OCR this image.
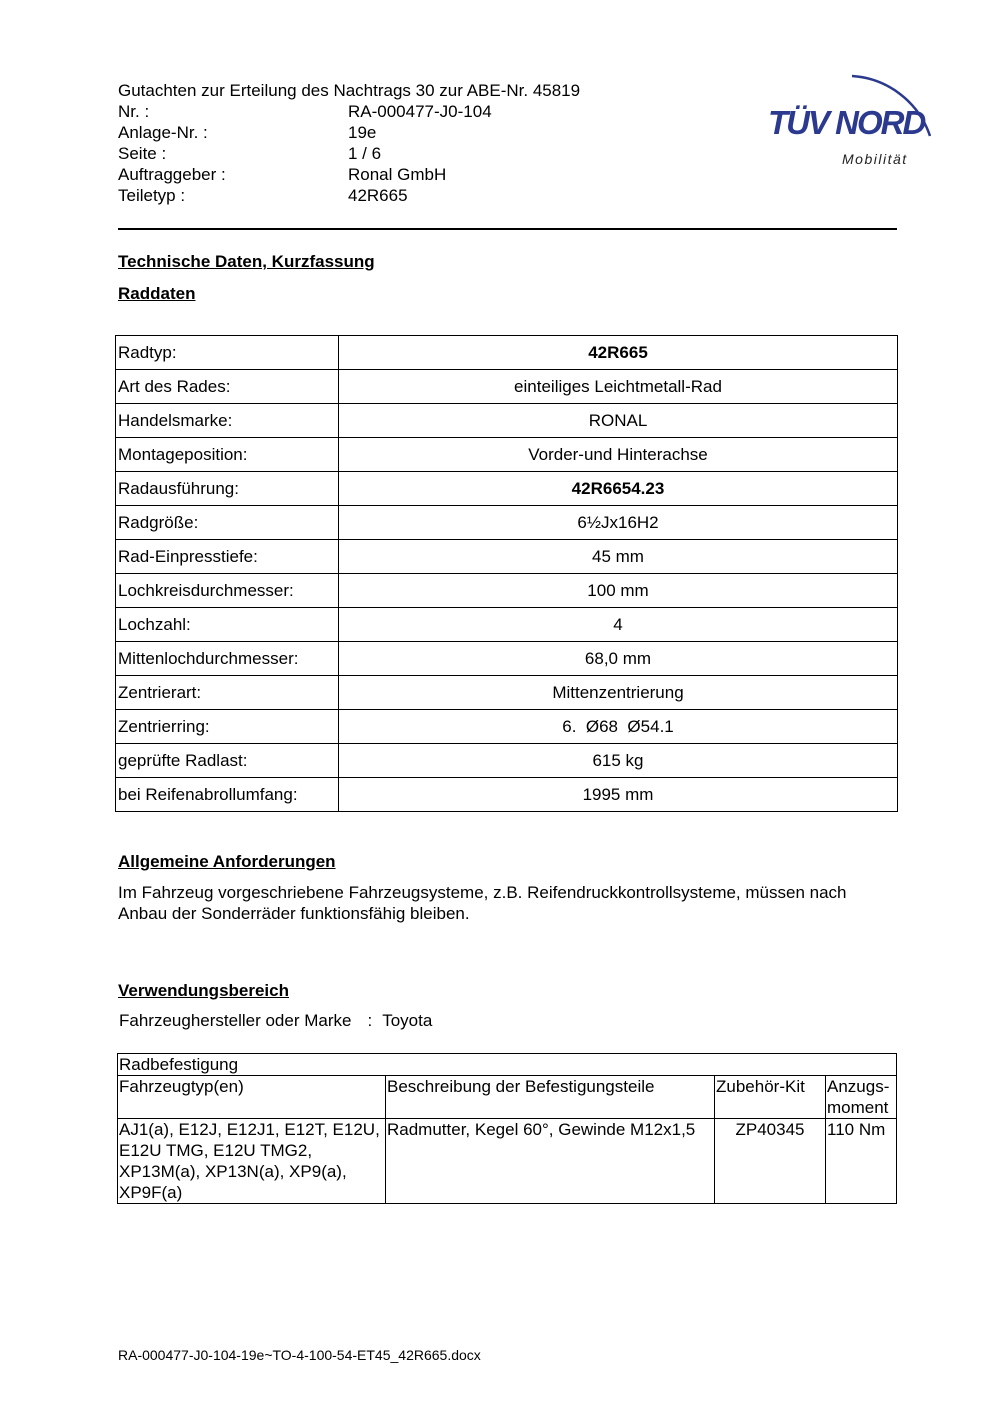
Gutachten zur Erteilung des Nachtrags 30 zur ABE-Nr. 45819
Nr. :	RA-000477-J0-104
Anlage-Nr. :	19e
Seite :	1 / 6
Auftraggeber :	Ronal GmbH
Teiletyp :	42R665
TÜV NORD
Mobilität
Technische Daten, Kurzfassung
Raddaten
Radtyp:	42R665
Art des Rades:	einteiliges Leichtmetall-Rad
Handelsmarke:	RONAL
Montageposition:	Vorder-und Hinterachse
Radausführung:	42R6654.23
Radgröße:	6½Jx16H2
Rad-Einpresstiefe:	45 mm
Lochkreisdurchmesser:	100 mm
Lochzahl:	4
Mittenlochdurchmesser:	68,0 mm
Zentrierart:	Mittenzentrierung
Zentrierring:	6.  Ø68  Ø54.1
geprüfte Radlast:	615 kg
bei Reifenabrollumfang:	1995 mm
Allgemeine Anforderungen
Im Fahrzeug vorgeschriebene Fahrzeugsysteme, z.B. Reifendruckkontrollsysteme, müssen nach Anbau der Sonderräder funktionsfähig bleiben.
Verwendungsbereich
Fahrzeughersteller oder Marke : Toyota
Radbefestigung			
Fahrzeugtyp(en)	Beschreibung der Befestigungsteile	Zubehör-Kit	Anzugs-
moment
AJ1(a), E12J, E12J1, E12T, E12U, E12U TMG, E12U TMG2, XP13M(a), XP13N(a), XP9(a), XP9F(a)	Radmutter, Kegel 60°, Gewinde M12x1,5	ZP40345	110 Nm
RA-000477-J0-104-19e~TO-4-100-54-ET45_42R665.docx
